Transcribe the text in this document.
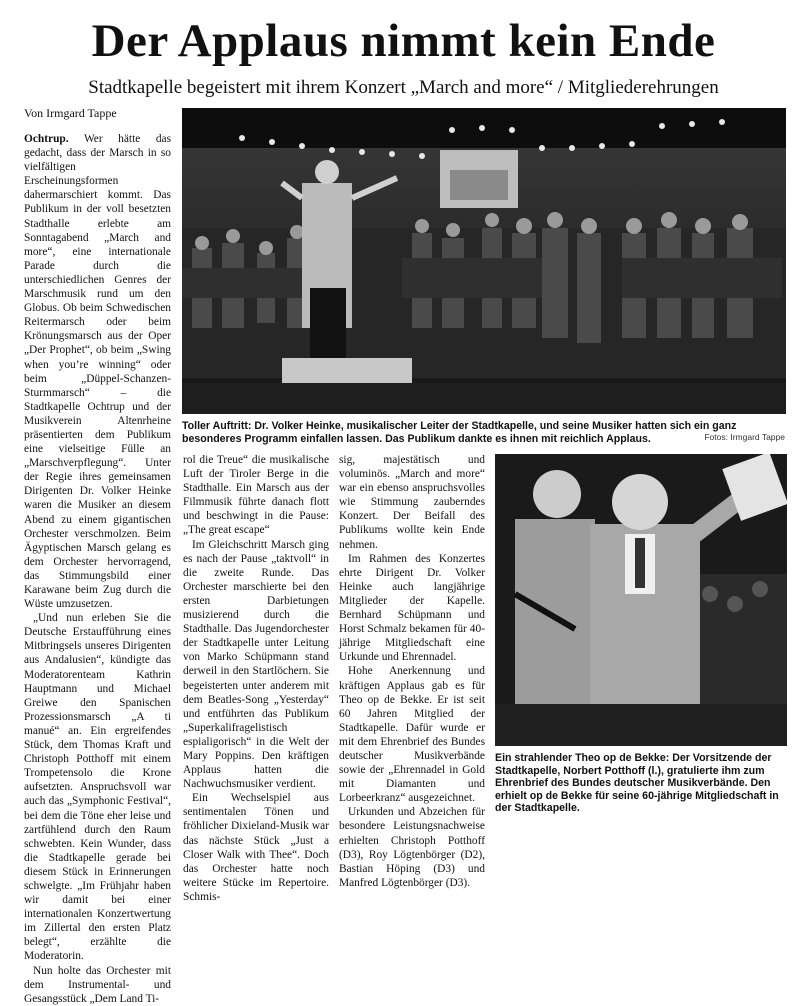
Der Applaus nimmt kein Ende
Stadtkapelle begeistert mit ihrem Konzert „March and more“ / Mitgliederehrungen

Von Irmgard Tappe

Ochtrup. Wer hätte das gedacht, dass der Marsch in so vielfältigen Erscheinungsformen dahermarschiert kommt. Das Publikum in der voll besetzten Stadthalle erlebte am Sonntagabend „March and more“, eine internationale Parade durch die unterschiedlichen Genres der Marschmusik rund um den Globus. Ob beim Schwedischen Reitermarsch oder beim Krönungsmarsch aus der Oper „Der Prophet“, ob beim „Swing when you’re winning“ oder beim „Düppel-Schanzen-Sturmmarsch“ – die Stadtkapelle Ochtrup und der Musikverein Altenrheine präsentierten dem Publikum eine vielseitige Fülle an „Marschverpflegung“. Unter der Regie ihres gemeinsamen Dirigenten Dr. Volker Heinke waren die Musiker an diesem Abend zu einem gigantischen Orchester verschmolzen. Beim Ägyptischen Marsch gelang es dem Orchester hervorragend, das Stimmungsbild einer Karawane beim Zug durch die Wüste umzusetzen.

„Und nun erleben Sie die Deutsche Erstaufführung eines Mitbringsels unseres Dirigenten aus Andalusien“, kündigte das Moderatorenteam Kathrin Hauptmann und Michael Greiwe den Spanischen Prozessionsmarsch „A ti manué“ an. Ein ergreifendes Stück, dem Thomas Kraft und Christoph Potthoff mit einem Trompetensolo die Krone aufsetzten. Anspruchsvoll war auch das „Symphonic Festival“, bei dem die Töne eher leise und zartfühlend durch den Raum schwebten. Kein Wunder, dass die Stadtkapelle gerade bei diesem Stück in Erinnerungen schwelgte. „Im Frühjahr haben wir damit bei einer internationalen Konzertwertung im Zillertal den ersten Platz belegt“, erzählte die Moderatorin.

Nun holte das Orchester mit dem Instrumental- und Gesangsstück „Dem Land Ti-

Toller Auftritt: Dr. Volker Heinke, musikalischer Leiter der Stadtkapelle, und seine Musiker hatten sich ein ganz besonderes Programm einfallen lassen. Das Publikum dankte es ihnen mit reichlich Applaus.	Fotos: Irmgard Tappe

rol die Treue“ die musikalische Luft der Tiroler Berge in die Stadthalle. Ein Marsch aus der Filmmusik führte danach flott und beschwingt in die Pause: „The great escape“

Im Gleichschritt Marsch ging es nach der Pause „taktvoll“ in die zweite Runde. Das Orchester marschierte bei den ersten Darbietungen musizierend durch die Stadthalle. Das Jugendorchester der Stadtkapelle unter Leitung von Marko Schüpmann stand derweil in den Startlöchern. Sie begeisterten unter anderem mit dem Beatles-Song „Yesterday“ und entführten das Publikum „Superkalifragelistisch espialigorisch“ in die Welt der Mary Poppins. Den kräftigen Applaus hatten die Nachwuchsmusiker verdient.

Ein Wechselspiel aus sentimentalen Tönen und fröhlicher Dixieland-Musik war das nächste Stück „Just a Closer Walk with Thee“. Doch das Orchester hatte noch weitere Stücke im Repertoire. Schmis-

sig, majestätisch und voluminös. „March and more“ war ein ebenso anspruchsvolles wie Stimmung zauberndes Konzert. Der Beifall des Publikums wollte kein Ende nehmen.

Im Rahmen des Konzertes ehrte Dirigent Dr. Volker Heinke auch langjährige Mitglieder der Kapelle. Bernhard Schüpmann und Horst Schmalz bekamen für 40-jährige Mitgliedschaft eine Urkunde und Ehrennadel.

Hohe Anerkennung und kräftigen Applaus gab es für Theo op de Bekke. Er ist seit 60 Jahren Mitglied der Stadtkapelle. Dafür wurde er mit dem Ehrenbrief des Bundes deutscher Musikverbände sowie der „Ehrennadel in Gold mit Diamanten und Lorbeerkranz“ ausgezeichnet.

Urkunden und Abzeichen für besondere Leistungsnachweise erhielten Christoph Potthoff (D3), Roy Lögtenbörger (D2), Bastian Höping (D3) und Manfred Lögtenbörger (D3).

Ein strahlender Theo op de Bekke: Der Vorsitzende der Stadtkapelle, Norbert Potthoff (l.), gratulierte ihm zum Ehrenbrief des Bundes deutscher Musikverbände. Den erhielt op de Bekke für seine 60-jährige Mitgliedschaft in der Stadtkapelle.
